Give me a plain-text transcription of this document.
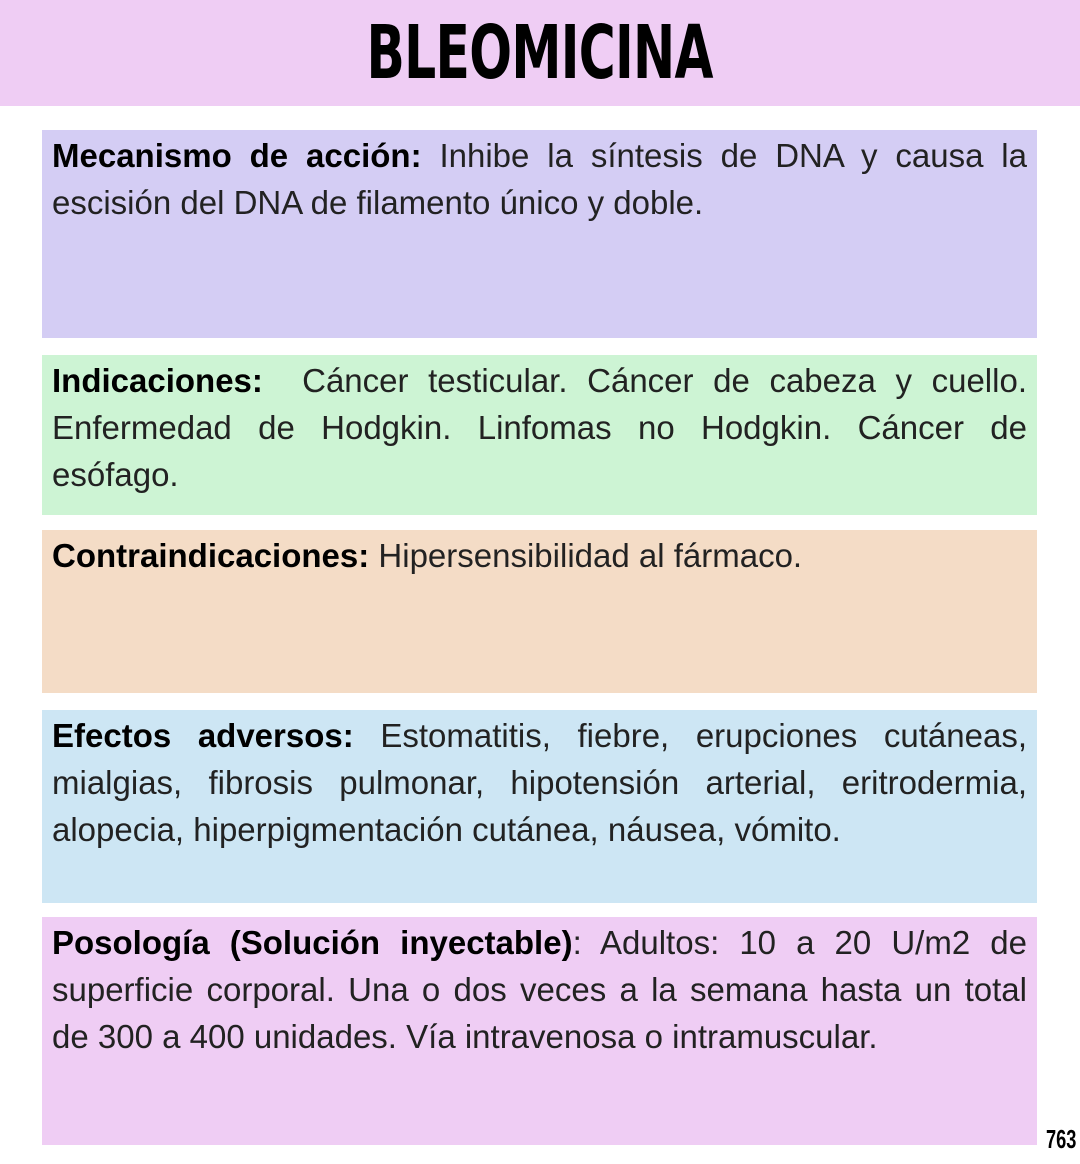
BLEOMICINA
Mecanismo de acción: Inhibe la síntesis de DNA y causa la escisión del DNA de filamento único y doble.
Indicaciones:  Cáncer testicular. Cáncer de cabeza y cuello. Enfermedad de Hodgkin. Linfomas no Hodgkin. Cáncer de esófago.
Contraindicaciones: Hipersensibilidad al fármaco.
Efectos adversos: Estomatitis, fiebre, erupciones cutáneas, mialgias, fibrosis pulmonar, hipotensión arterial, eritrodermia, alopecia, hiperpigmentación cutánea, náusea, vómito.
Posología (Solución inyectable): Adultos: 10 a 20 U/m2 de superficie corporal. Una o dos veces a la semana hasta un total de 300 a 400 unidades. Vía intravenosa o intramuscular.
763
